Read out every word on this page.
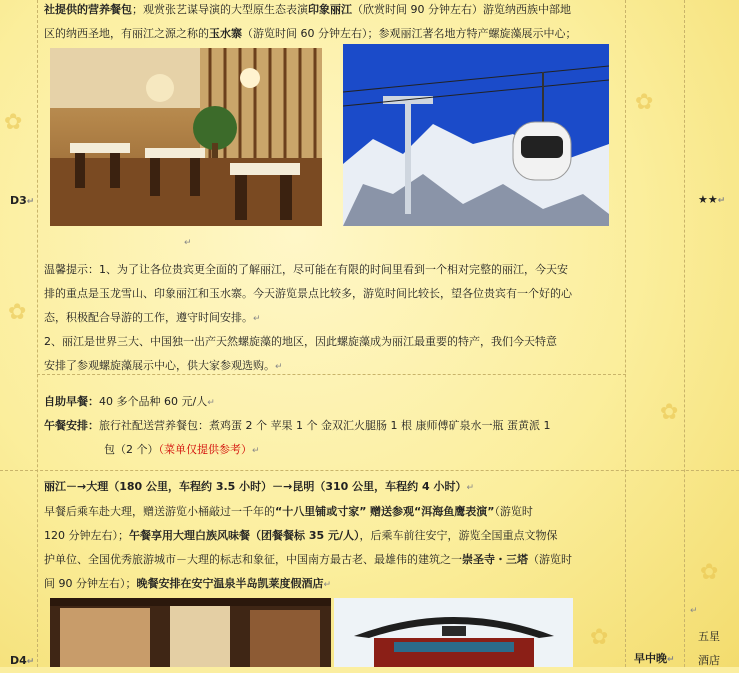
✿
✿
✿
✿
✿
✿
D3↵	★★↵
社提供的营养餐包；观赏张艺谋导演的大型原生态表演印象丽江（欣赏时间 90 分钟左右）游览纳西族中部地
区的纳西圣地，有丽江之源之称的玉水寨（游览时间 60 分钟左右）；参观丽江著名地方特产螺旋藻展示中心；
↵
温馨提示：1、为了让各位贵宾更全面的了解丽江，尽可能在有限的时间里看到一个相对完整的丽江，今天安
排的重点是玉龙雪山、印象丽江和玉水寨。今天游览景点比较多，游览时间比较长，望各位贵宾有一个好的心
态，积极配合导游的工作，遵守时间安排。↵
2、丽江是世界三大、中国独一出产天然螺旋藻的地区，因此螺旋藻成为丽江最重要的特产，我们今天特意
安排了参观螺旋藻展示中心，供大家参观选购。↵
自助早餐：40 多个品种 60 元/人↵
午餐安排：旅行社配送营养餐包：煮鸡蛋 2 个 苹果 1 个 金双汇火腿肠 1 根 康师傅矿泉水一瓶 蛋黄派 1
包（2 个）（菜单仅提供参考）↵
丽江－→大理（180 公里，车程约 3.5 小时）－→昆明（310 公里，车程约 4 小时）↵
早餐后乘车赴大理，赠送游览小桶敲过一千年的“十八里铺或寸家” 赠送参观“洱海鱼鹰表演”（游览时
120 分钟左右）；午餐享用大理白族风味餐（团餐餐标 35 元/人），后乘车前往安宁，游览全国重点文物保
护单位、全国优秀旅游城市－大理的标志和象征，中国南方最古老、最雄伟的建筑之一崇圣寺・三塔（游览时
间 90 分钟左右）；晚餐安排在安宁温泉半岛凯莱度假酒店↵
D4↵	早中晚↵
↵
五星
酒店
